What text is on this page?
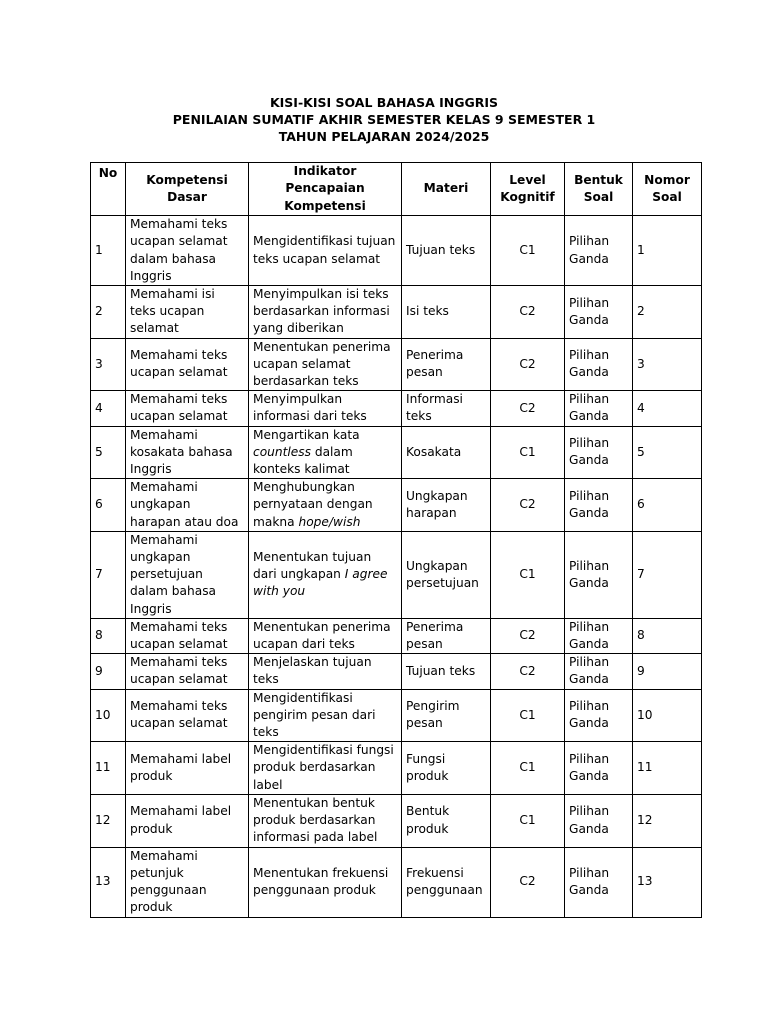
KISI-KISI SOAL BAHASA INGGRIS
PENILAIAN SUMATIF AKHIR SEMESTER KELAS 9 SEMESTER 1
TAHUN PELAJARAN 2024/2025
No	Kompetensi Dasar	Indikator Pencapaian Kompetensi	Materi	Level Kognitif	Bentuk Soal	Nomor Soal
1	Memahami teks ucapan selamat dalam bahasa Inggris	Mengidentifikasi tujuan teks ucapan selamat	Tujuan teks	C1	Pilihan Ganda	1
2	Memahami isi teks ucapan selamat	Menyimpulkan isi teks berdasarkan informasi yang diberikan	Isi teks	C2	Pilihan Ganda	2
3	Memahami teks ucapan selamat	Menentukan penerima ucapan selamat berdasarkan teks	Penerima pesan	C2	Pilihan Ganda	3
4	Memahami teks ucapan selamat	Menyimpulkan informasi dari teks	Informasi teks	C2	Pilihan Ganda	4
5	Memahami kosakata bahasa Inggris	Mengartikan kata countless dalam konteks kalimat	Kosakata	C1	Pilihan Ganda	5
6	Memahami ungkapan harapan atau doa	Menghubungkan pernyataan dengan makna hope/wish	Ungkapan harapan	C2	Pilihan Ganda	6
7	Memahami ungkapan persetujuan dalam bahasa Inggris	Menentukan tujuan dari ungkapan I agree with you	Ungkapan persetujuan	C1	Pilihan Ganda	7
8	Memahami teks ucapan selamat	Menentukan penerima ucapan dari teks	Penerima pesan	C2	Pilihan Ganda	8
9	Memahami teks ucapan selamat	Menjelaskan tujuan teks	Tujuan teks	C2	Pilihan Ganda	9
10	Memahami teks ucapan selamat	Mengidentifikasi pengirim pesan dari teks	Pengirim pesan	C1	Pilihan Ganda	10
11	Memahami label produk	Mengidentifikasi fungsi produk berdasarkan label	Fungsi produk	C1	Pilihan Ganda	11
12	Memahami label produk	Menentukan bentuk produk berdasarkan informasi pada label	Bentuk produk	C1	Pilihan Ganda	12
13	Memahami petunjuk penggunaan produk	Menentukan frekuensi penggunaan produk	Frekuensi penggunaan	C2	Pilihan Ganda	13
